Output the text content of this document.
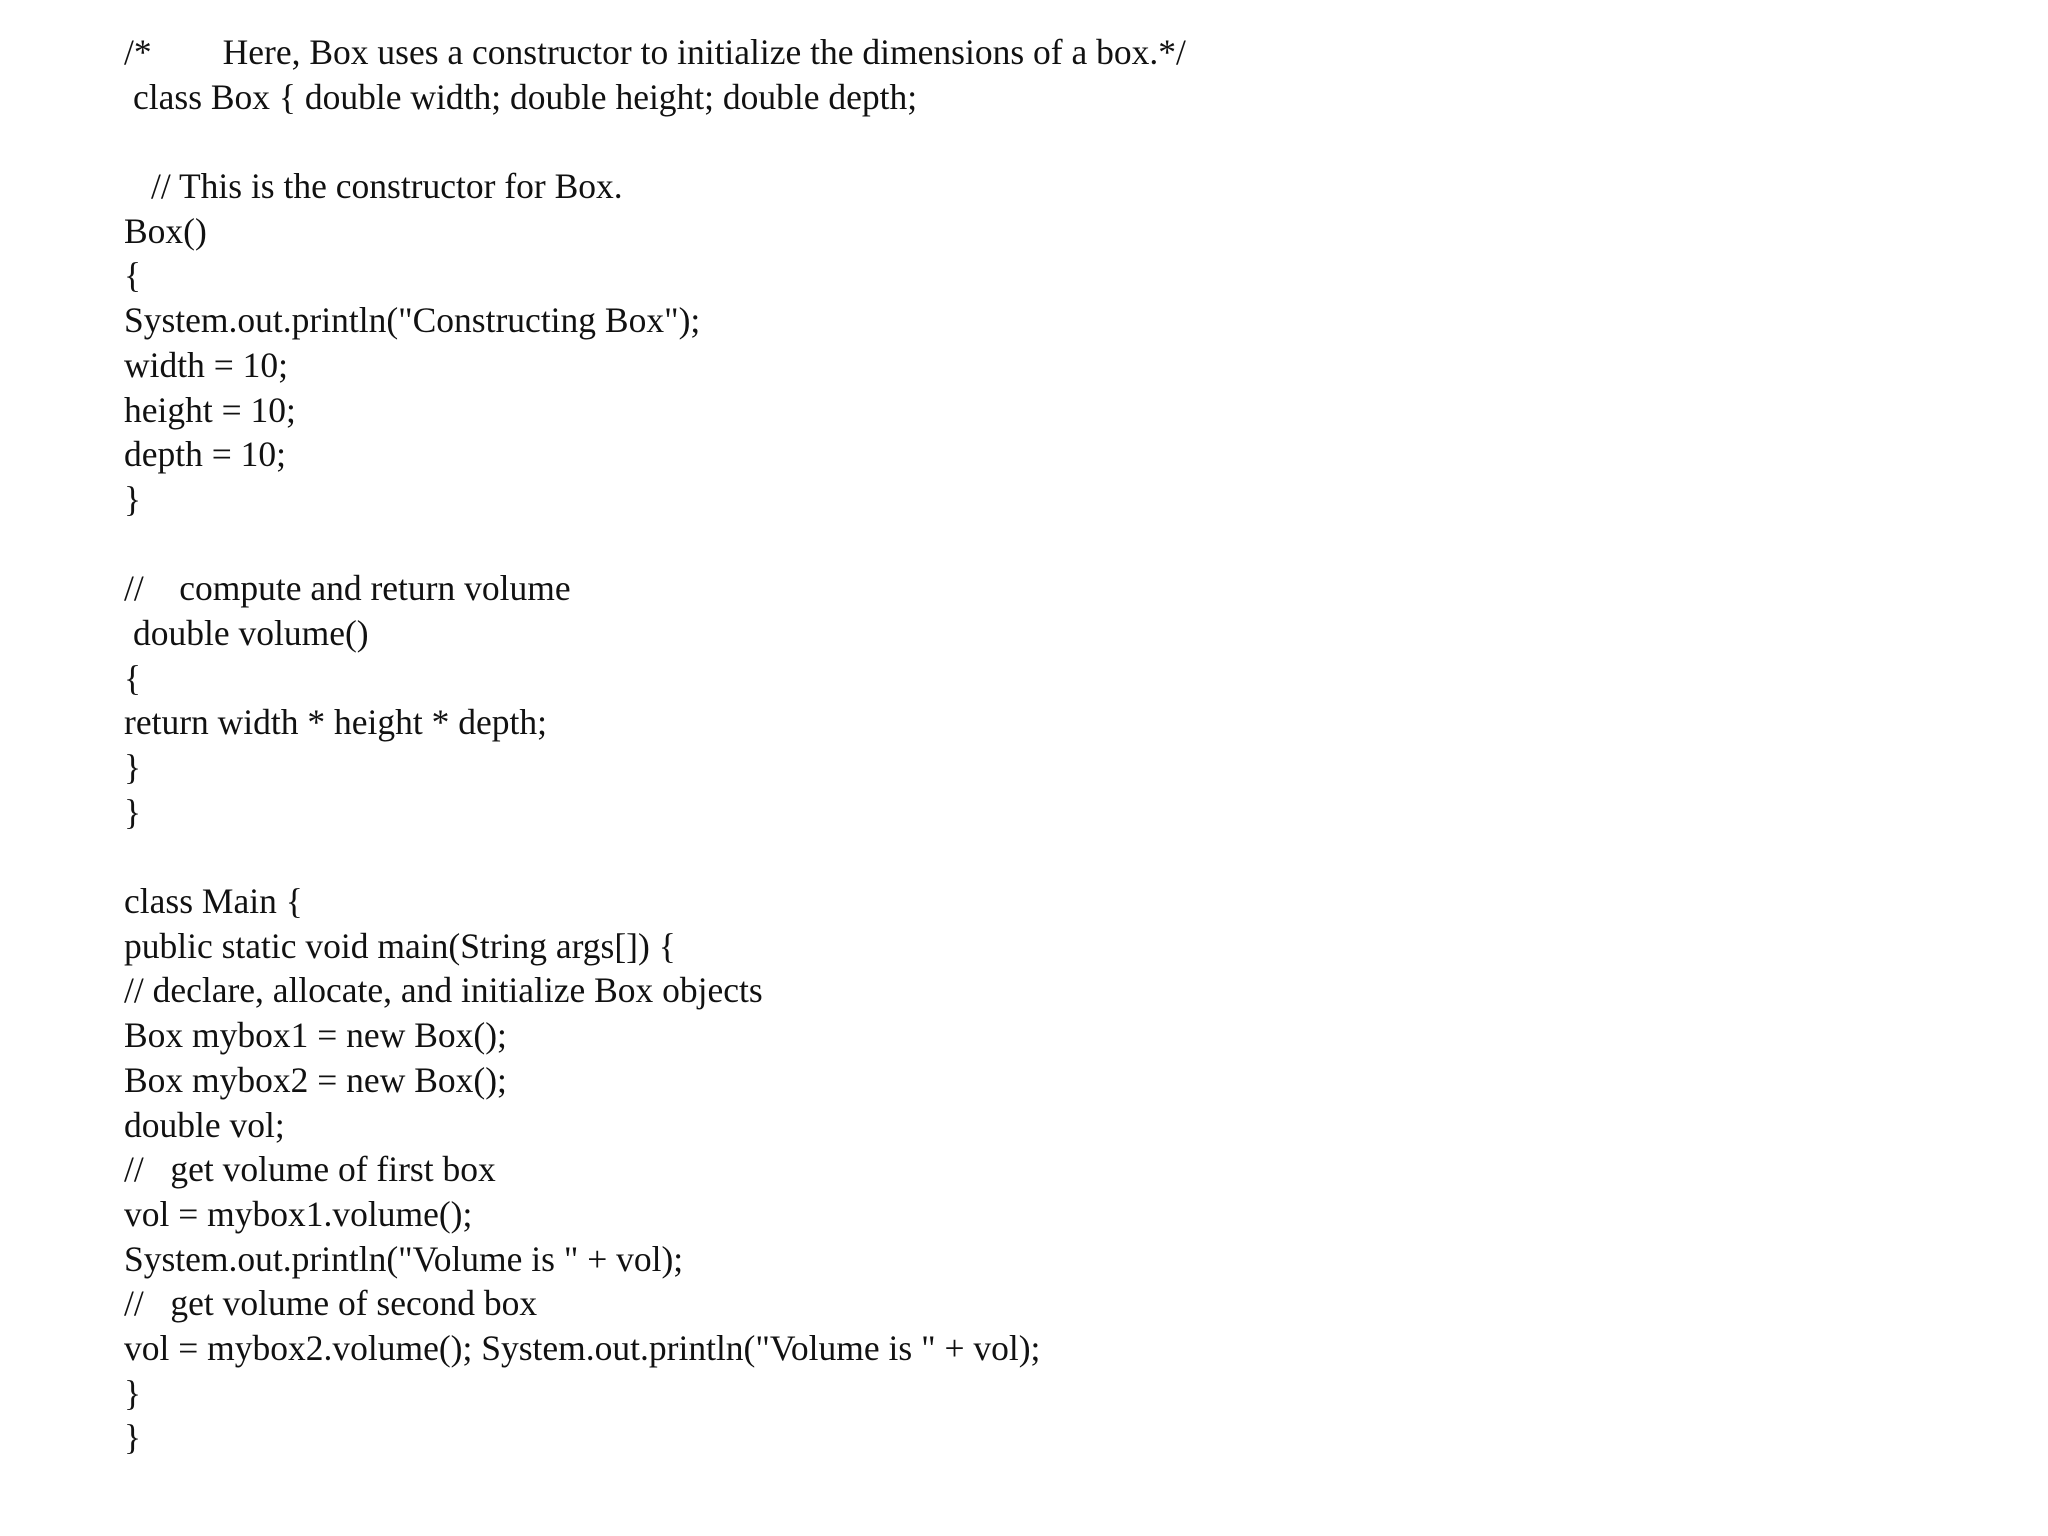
/*        Here, Box uses a constructor to initialize the dimensions of a box.*/
class Box { double width; double height; double depth;
// This is the constructor for Box.
Box()
{
System.out.println("Constructing Box");
width = 10;
height = 10;
depth = 10;
}
//    compute and return volume
double volume()
{
return width * height * depth;
}
}
class Main {
public static void main(String args[]) {
// declare, allocate, and initialize Box objects
Box mybox1 = new Box();
Box mybox2 = new Box();
double vol;
//   get volume of first box
vol = mybox1.volume();
System.out.println("Volume is " + vol);
//   get volume of second box
vol = mybox2.volume(); System.out.println("Volume is " + vol);
}
}
